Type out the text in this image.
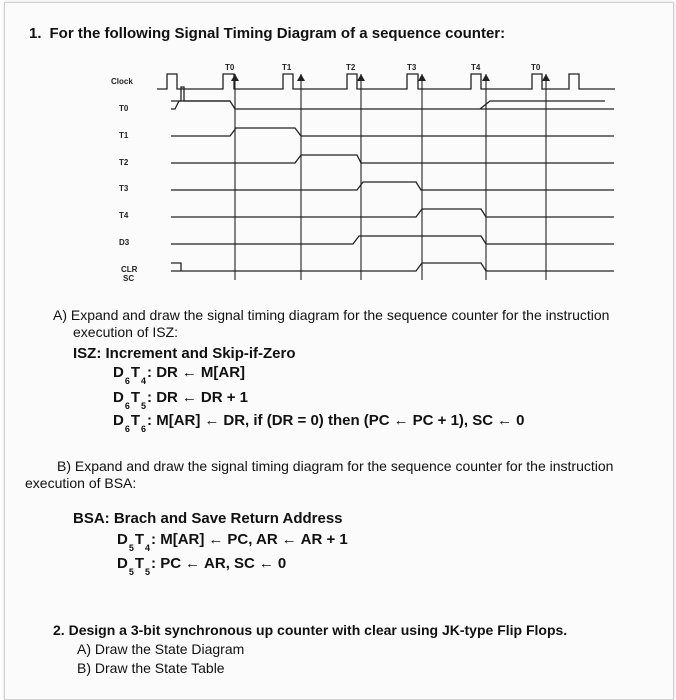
1. For the following Signal Timing Diagram of a sequence counter:
Clock
T0	T1	T2	T3	T4	T0
T0
T1
T2
T3
T4
D3
CLR
SC
A) Expand and draw the signal timing diagram for the sequence counter for the instruction
execution of ISZ:
ISZ: Increment and Skip-if-Zero
$D_6T_4$: DR ← M[AR]
$D_6T_5$: DR ← DR + 1
$D_6T_6$: M[AR] ← DR, if (DR = 0) then (PC ← PC + 1), SC ← 0
B) Expand and draw the signal timing diagram for the sequence counter for the instruction
execution of BSA:
BSA: Brach and Save Return Address
$D_5T_4$: M[AR] ← PC, AR ← AR + 1
$D_5T_5$: PC ← AR, SC ← 0
2. Design a 3-bit synchronous up counter with clear using JK-type Flip Flops.
A) Draw the State Diagram
B) Draw the State Table
